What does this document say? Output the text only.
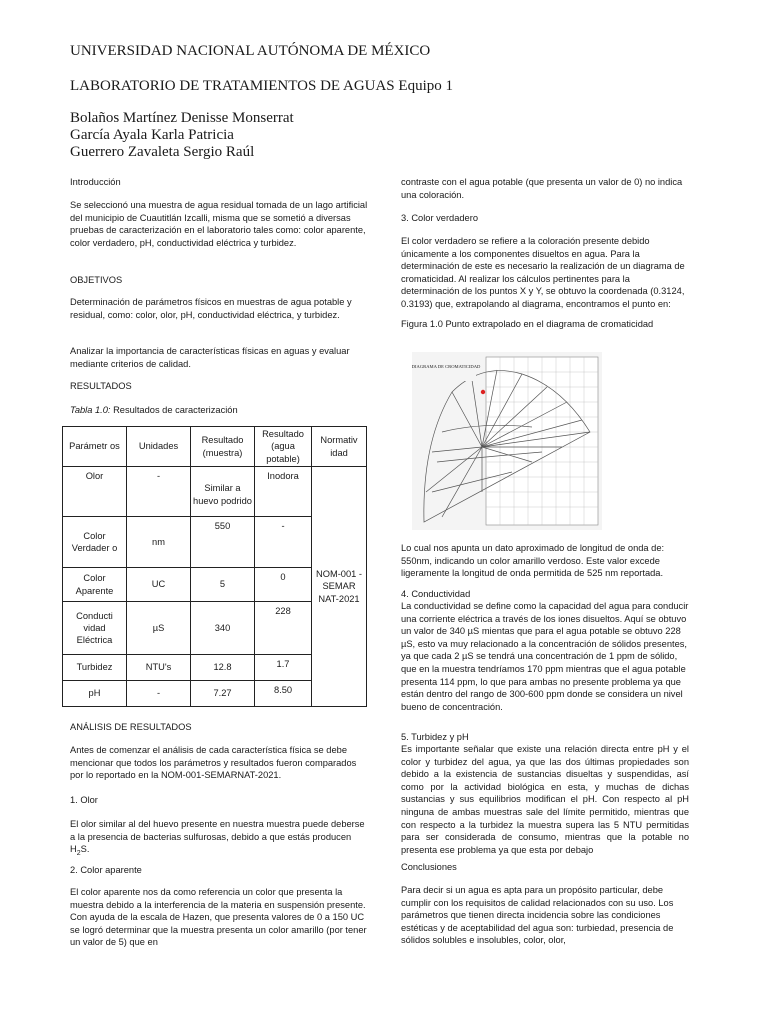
UNIVERSIDAD NACIONAL AUTÓNOMA DE MÉXICO
LABORATORIO DE TRATAMIENTOS DE AGUAS Equipo 1
Bolaños Martínez Denisse Monserrat
García Ayala Karla Patricia
Guerrero Zavaleta Sergio Raúl
Introducción
Se seleccionó una muestra de agua residual tomada de un lago artificial del municipio de Cuautitlán Izcalli, misma que se sometió a diversas pruebas de caracterización en el laboratorio tales como: color aparente, color verdadero, pH, conductividad eléctrica y turbidez.
OBJETIVOS
Determinación de parámetros físicos en muestras de agua potable y residual, como: color, olor, pH, conductividad eléctrica, y turbidez.
Analizar la importancia de características físicas en aguas y evaluar mediante criterios de calidad.
RESULTADOS
Tabla 1.0: Resultados de caracterización
Parámetr os	Unidades	Resultado (muestra)	Resultado (agua potable)	Normativ idad
Olor	-	Similar a huevo podrido	Inodora	NOM-001 -SEMAR NAT-2021
Color Verdader o	nm	550	-	
Color Aparente	UC	5	0	
Conducti vidad Eléctrica	µS	340	228	
Turbidez	NTU's	12.8	1.7	
pH	-	7.27	8.50	
ANÁLISIS DE RESULTADOS
Antes de comenzar el análisis de cada característica física se debe mencionar que todos los parámetros y resultados fueron comparados por lo reportado en la NOM-001-SEMARNAT-2021.
1. Olor
El olor similar al del huevo presente en nuestra muestra puede deberse a la presencia de bacterias sulfurosas, debido a que estás producen $H_2S$.
2. Color aparente
El color aparente nos da como referencia un color que presenta la muestra debido a la interferencia de la materia en suspensión presente. Con ayuda de la escala de Hazen, que presenta valores de 0 a 150 UC se logró determinar que la muestra presenta un color amarillo (por tener un valor de 5) que en
contraste con el agua potable (que presenta un valor de 0) no indica una coloración.
3. Color verdadero
El color verdadero se refiere a la coloración presente debido únicamente a los componentes disueltos en agua. Para la determinación de este es necesario la realización de un diagrama de cromaticidad. Al realizar los cálculos pertinentes para la determinación de los puntos X y Y, se obtuvo la coordenada (0.3124, 0.3193) que, extrapolando al diagrama, encontramos el punto en:
Figura 1.0 Punto extrapolado en el diagrama de cromaticidad
DIAGRAMA DE CROMATICIDAD
Lo cual nos apunta un dato aproximado de longitud de onda de: 550nm, indicando un color amarillo verdoso. Este valor excede ligeramente la longitud de onda permitida de 525 nm reportada.
4. Conductividad
La conductividad se define como la capacidad del agua para conducir una corriente eléctrica a través de los iones disueltos. Aquí se obtuvo un valor de 340 µS mientas que para el agua potable se obtuvo 228 µS, esto va muy relacionado a la concentración de sólidos presentes, ya que cada 2 µS se tendrá una concentración de 1 ppm de sólido, que en la muestra tendríamos 170 ppm mientras que el agua potable presenta 114 ppm, lo que para ambas no presente problema ya que están dentro del rango de 300-600 ppm donde se considera un nivel bueno de concentración.
5. Turbidez y pH
Es importante señalar que existe una relación directa entre pH y el color y turbidez del agua, ya que las dos últimas propiedades son debido a la existencia de sustancias disueltas y suspendidas, así como por la actividad biológica en esta, y muchas de dichas sustancias y sus equilibrios modifican el pH. Con respecto al pH ninguna de ambas muestras sale del límite permitido, mientras que con respecto a la turbidez la muestra supera las 5 NTU permitidas para ser considerada de consumo, mientras que la potable no presenta ese problema ya que esta por debajo
Conclusiones
Para decir si un agua es apta para un propósito particular, debe cumplir con los requisitos de calidad relacionados con su uso. Los parámetros que tienen directa incidencia sobre las condiciones estéticas y de aceptabilidad del agua son: turbiedad, presencia de sólidos solubles e insolubles, color, olor,
